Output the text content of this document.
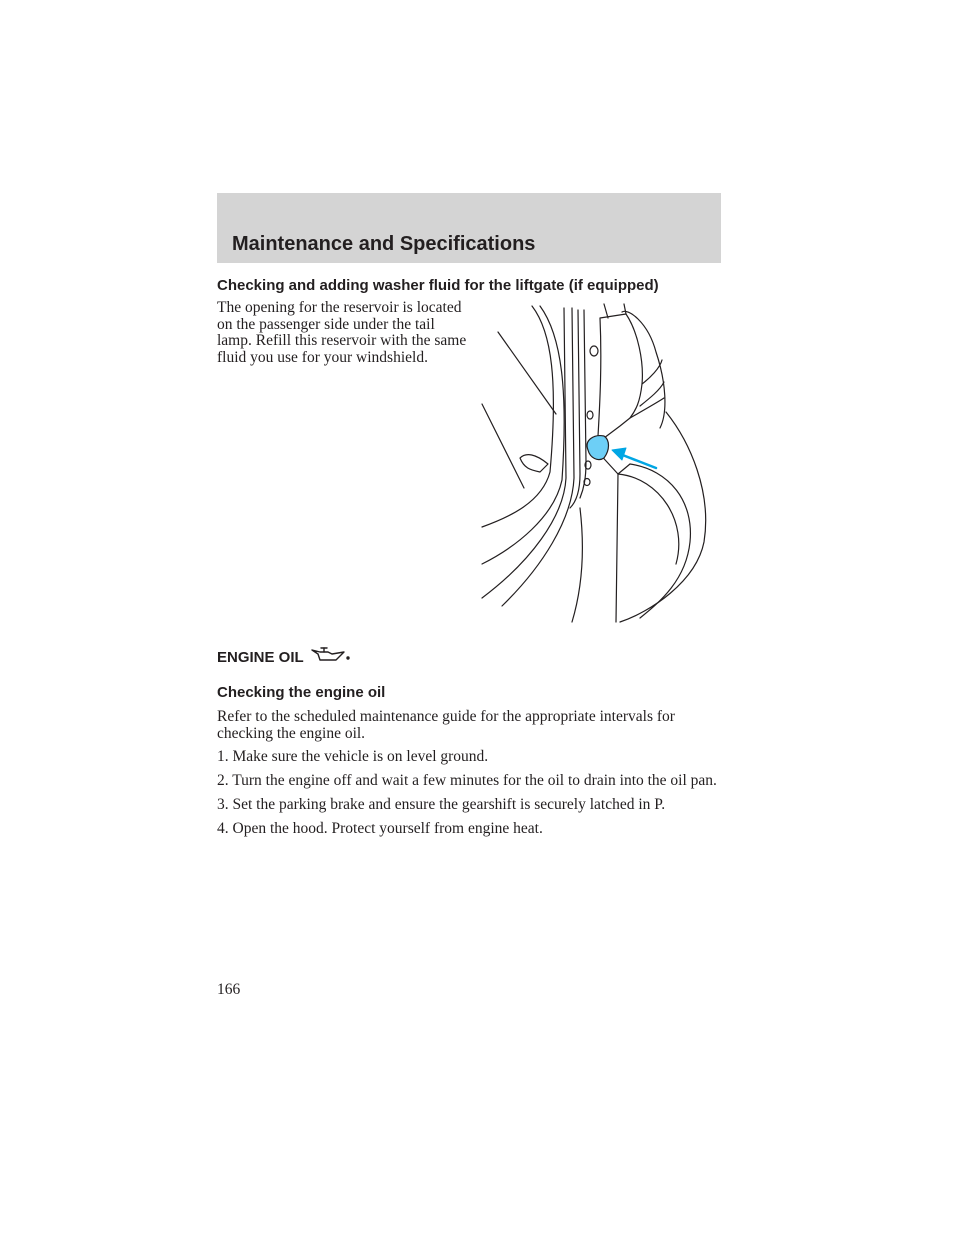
Maintenance and Specifications
Checking and adding washer fluid for the liftgate (if equipped)

The opening for the reservoir is located on the passenger side under the tail lamp. Refill this reservoir with the same fluid you use for your windshield.

ENGINE OIL
Checking the engine oil

Refer to the scheduled maintenance guide for the appropriate intervals for checking the engine oil.

1. Make sure the vehicle is on level ground.
2. Turn the engine off and wait a few minutes for the oil to drain into the oil pan.
3. Set the parking brake and ensure the gearshift is securely latched in P.
4. Open the hood. Protect yourself from engine heat.

166
